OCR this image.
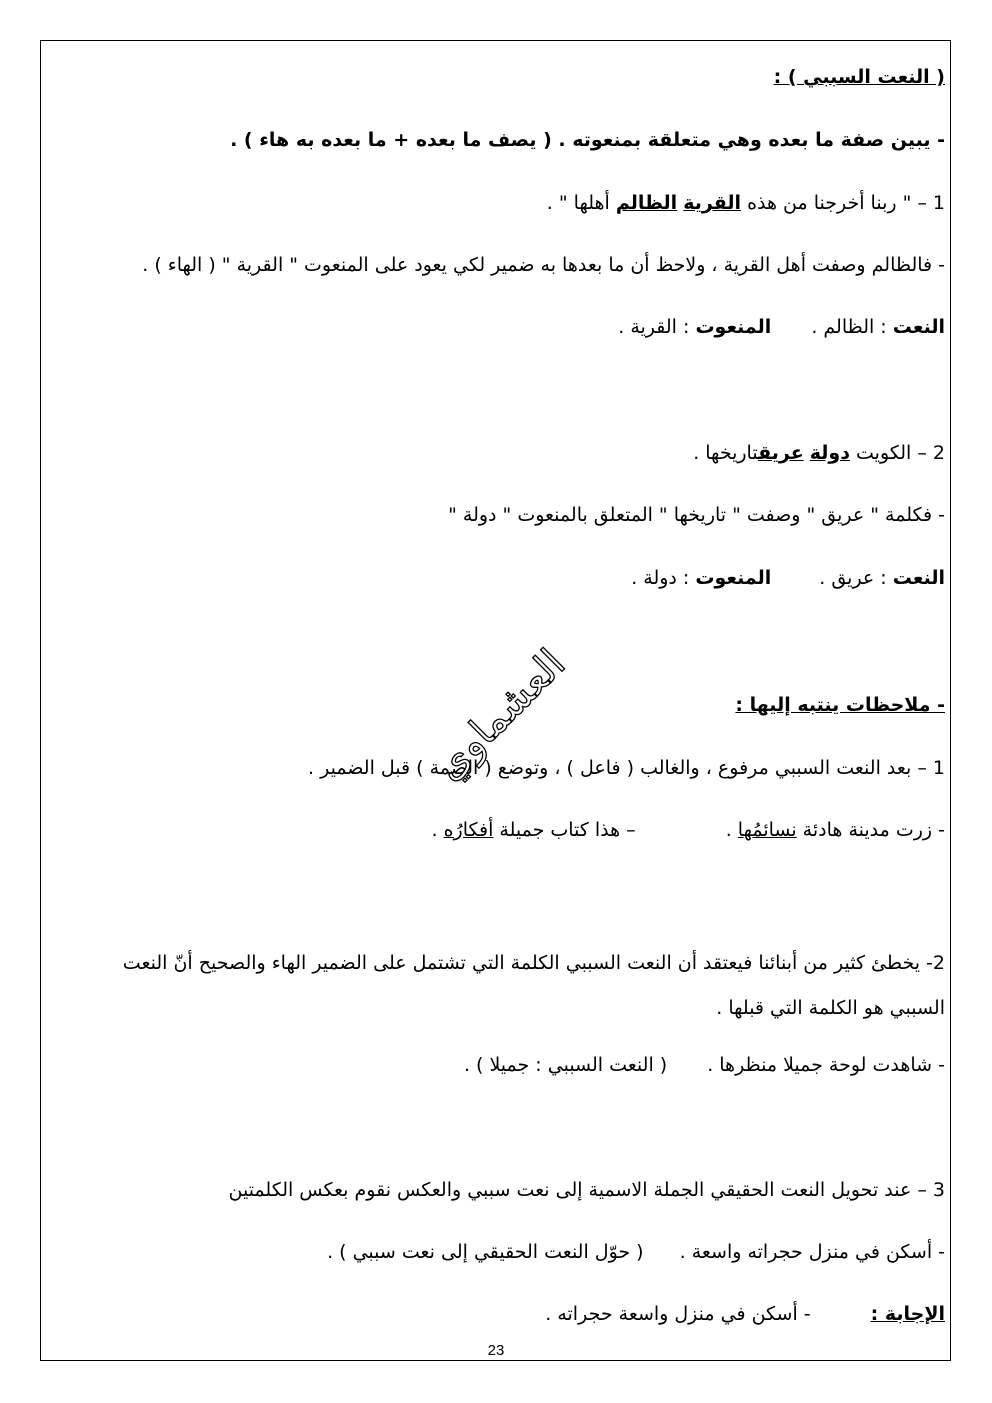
( النعت السببي ) :
- يبين صفة ما بعده وهي متعلقة بمنعوته . ( يصف ما بعده + ما بعده به هاء ) .
1 – " ربنا أخرجنا من هذه القرية الظالم أهلها " .
- فالظالم وصفت أهل القرية ، ولاحظ أن ما بعدها به ضمير لكي يعود على المنعوت " القرية " ( الهاء ) .
النعت : الظالم .المنعوت : القرية .
2 – الكويت دولة عريقتاريخها .
- فكلمة " عريق " وصفت " تاريخها " المتعلق بالمنعوت " دولة "
النعت : عريق .المنعوت : دولة .
- ملاحظات ينتبه إليها :
1 – بعد النعت السببي مرفوع ، والغالب ( فاعل ) ، وتوضع ( الضمة ) قبل الضمير .
- زرت مدينة هادئة نسائمُها .– هذا كتاب جميلة أفكارُه .
2- يخطئ كثير من أبنائنا فيعتقد أن النعت السببي الكلمة التي تشتمل على الضمير الهاء والصحيح أنّ النعت السببي هو الكلمة التي قبلها .
- شاهدت لوحة جميلا منظرها .( النعت السببي : جميلا ) .
3 – عند تحويل النعت الحقيقي الجملة الاسمية إلى نعت سببي والعكس نقوم بعكس الكلمتين
- أسكن في منزل حجراته واسعة .( حوّل النعت الحقيقي إلى نعت سببي ) .
الإجابة :- أسكن في منزل واسعة حجراته .
العشماوي
23
